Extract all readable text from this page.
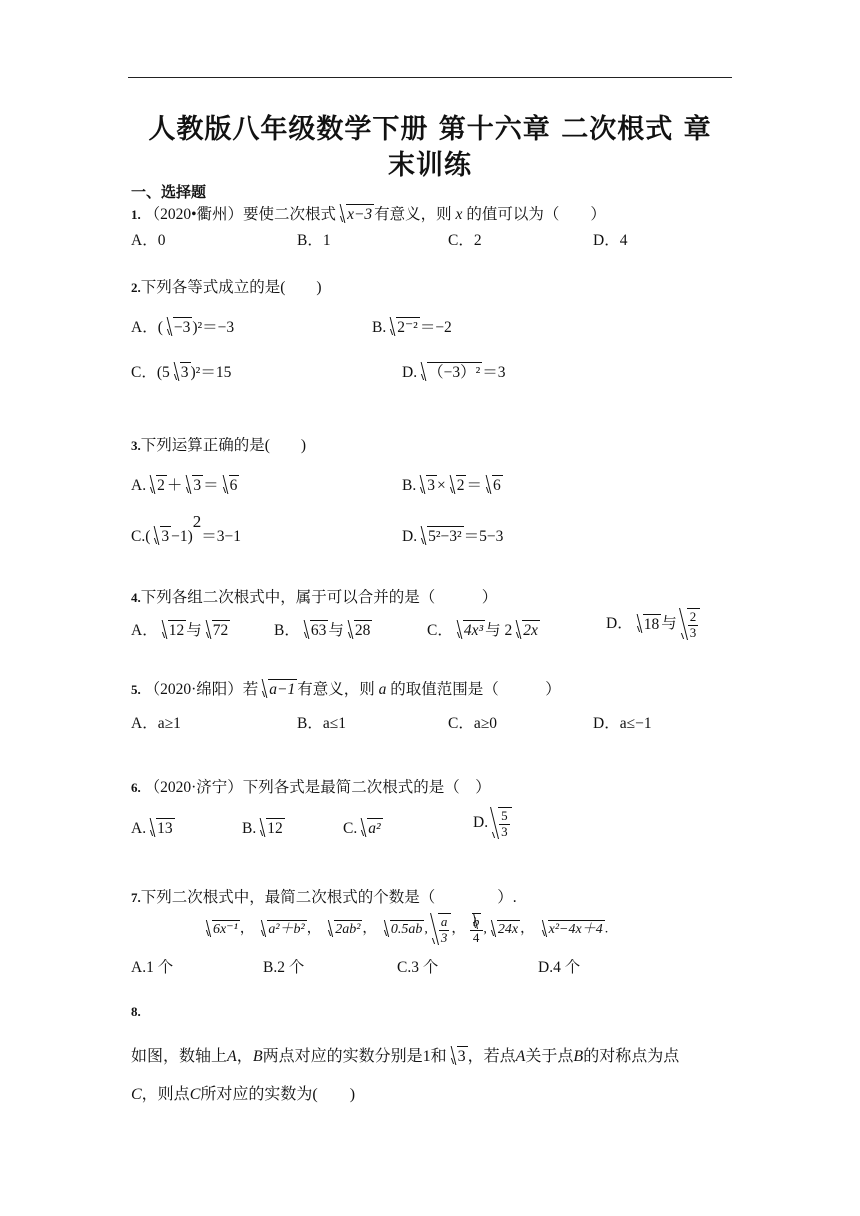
人教版八年级数学下册 第十六章 二次根式 章
末训练
一、选择题
1. （2020•衢州）要使二次根式 x−3 有意义，则 x 的值可以为（　　）
A．0	B．1	C．2	D．4
2.下列各等式成立的是(　　)
A．( −3 )²＝−3	B. 2⁻² ＝−2
C．(5 3 )²＝15	D. （−3）² ＝3
3.下列运算正确的是(　　)
A. 2 ＋ 3 ＝ 6	B. 3 × 2 ＝ 6
C.( 3 −1)2＝3−1	D. 5²−3² ＝5−3
4.下列各组二次根式中，属于可以合并的是（　　　）
A． 12 与 72	B． 63 与 28	C． 4x³ 与 2 2x	D． 18 与 $\frac{2}{3}$
5. （2020·绵阳）若 a−1 有意义，则 a 的取值范围是（　　　）
A．a≥1	B．a≤1	C．a≥0	D．a≤−1
6. （2020·济宁）下列各式是最简二次根式的是（　）
A. 13	B. 12	C. a²	D. $\frac{5}{3}$
7.下列二次根式中，最简二次根式的个数是（　　　　）.
6x⁻¹ ， a²＋b² ， 2ab² ， 0.5ab , $\frac{a}{3}$ ， $\frac{b}{4}$ , 24x ， x²−4x＋4 .
A.1 个	B.2 个	C.3 个	D.4 个
8.
如图，数轴上A，B两点对应的实数分别是1和 3 ，若点A关于点B的对称点为点
C，则点C所对应的实数为(　　)
